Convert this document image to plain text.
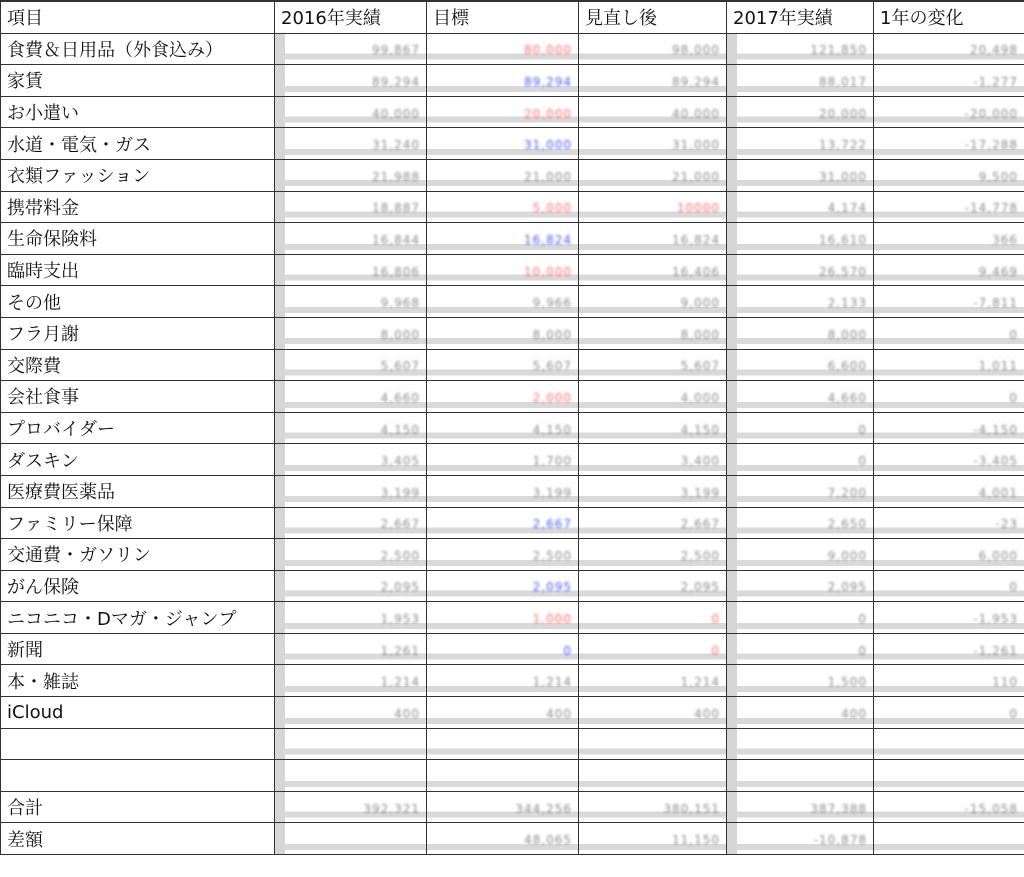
項目	2016年実績	目標	見直し後	2017年実績	1年の変化
食費＆日用品（外食込み）	99,867	80,000	98,000	121,850	20,498
家賃	89,294	89,294	89,294	88,017	-1,277
お小遣い	40,000	20,000	40,000	20,000	-20,000
水道・電気・ガス	31,240	31,000	31,000	13,722	-17,288
衣類ファッション	21,988	21,000	21,000	31,000	9,500
携帯料金	18,887	5,000	10000	4,174	-14,778
生命保険料	16,844	16,824	16,824	16,610	366
臨時支出	16,806	10,000	16,406	26,570	9,469
その他	9,968	9,966	9,000	2,133	-7,811
フラ月謝	8,000	8,000	8,000	8,000	0
交際費	5,607	5,607	5,607	6,600	1,011
会社食事	4,660	2,000	4,000	4,660	0
プロバイダー	4,150	4,150	4,150	0	-4,150
ダスキン	3,405	1,700	3,400	0	-3,405
医療費医薬品	3,199	3,199	3,199	7,200	4,001
ファミリー保障	2,667	2,667	2,667	2,650	-23
交通費・ガソリン	2,500	2,500	2,500	9,000	6,000
がん保険	2,095	2,095	2,095	2,095	0
ニコニコ・Dマガ・ジャンプ	1,953	1,000	0	0	-1,953
新聞	1,261	0	0	0	-1,261
本・雑誌	1,214	1,214	1,214	1,500	110
iCloud	400	400	400	400	0

合計	392,321	344,256	380,151	387,388	-15,058
差額		48,065	11,150	-10,878	
